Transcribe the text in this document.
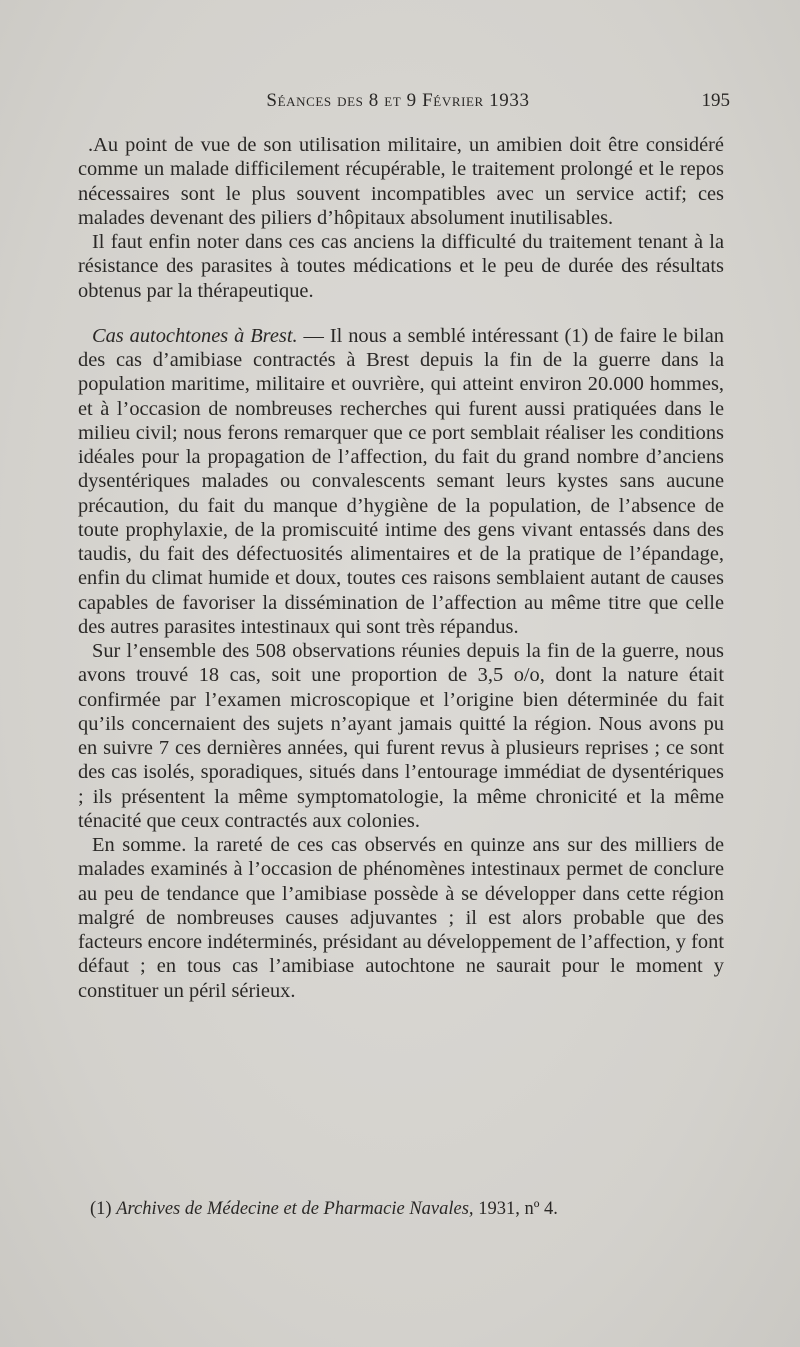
Séances des 8 et 9 Février 1933	195

.Au point de vue de son utilisation militaire, un amibien doit être considéré comme un malade difficilement récupérable, le traitement prolongé et le repos nécessaires sont le plus souvent incompatibles avec un service actif; ces malades devenant des piliers d’hôpitaux absolument inutilisables.

Il faut enfin noter dans ces cas anciens la difficulté du traitement tenant à la résistance des parasites à toutes médications et le peu de durée des résultats obtenus par la thérapeutique.

Cas autochtones à Brest. — Il nous a semblé intéressant (1) de faire le bilan des cas d’amibiase contractés à Brest depuis la fin de la guerre dans la population maritime, militaire et ouvrière, qui atteint environ 20.000 hommes, et à l’occasion de nombreuses recherches qui furent aussi pratiquées dans le milieu civil; nous ferons remarquer que ce port semblait réaliser les conditions idéales pour la propagation de l’affection, du fait du grand nombre d’anciens dysentériques malades ou convalescents semant leurs kystes sans aucune précaution, du fait du manque d’hygiène de la population, de l’absence de toute prophylaxie, de la promiscuité intime des gens vivant entassés dans des taudis, du fait des défectuosités alimentaires et de la pratique de l’épandage, enfin du climat humide et doux, toutes ces raisons semblaient autant de causes capables de favoriser la dissémination de l’affection au même titre que celle des autres parasites intestinaux qui sont très répandus.

Sur l’ensemble des 508 observations réunies depuis la fin de la guerre, nous avons trouvé 18 cas, soit une proportion de 3,5 o/o, dont la nature était confirmée par l’examen microscopique et l’origine bien déterminée du fait qu’ils concernaient des sujets n’ayant jamais quitté la région. Nous avons pu en suivre 7 ces dernières années, qui furent revus à plusieurs reprises ; ce sont des cas isolés, sporadiques, situés dans l’entourage immédiat de dysentériques ; ils présentent la même symptomatologie, la même chronicité et la même ténacité que ceux contractés aux colonies.

En somme. la rareté de ces cas observés en quinze ans sur des milliers de malades examinés à l’occasion de phénomènes intestinaux permet de conclure au peu de tendance que l’amibiase possède à se développer dans cette région malgré de nombreuses causes adjuvantes ; il est alors probable que des facteurs encore indéterminés, présidant au développement de l’affection, y font défaut ; en tous cas l’amibiase autochtone ne saurait pour le moment y constituer un péril sérieux.

(1) Archives de Médecine et de Pharmacie Navales, 1931, nº 4.
